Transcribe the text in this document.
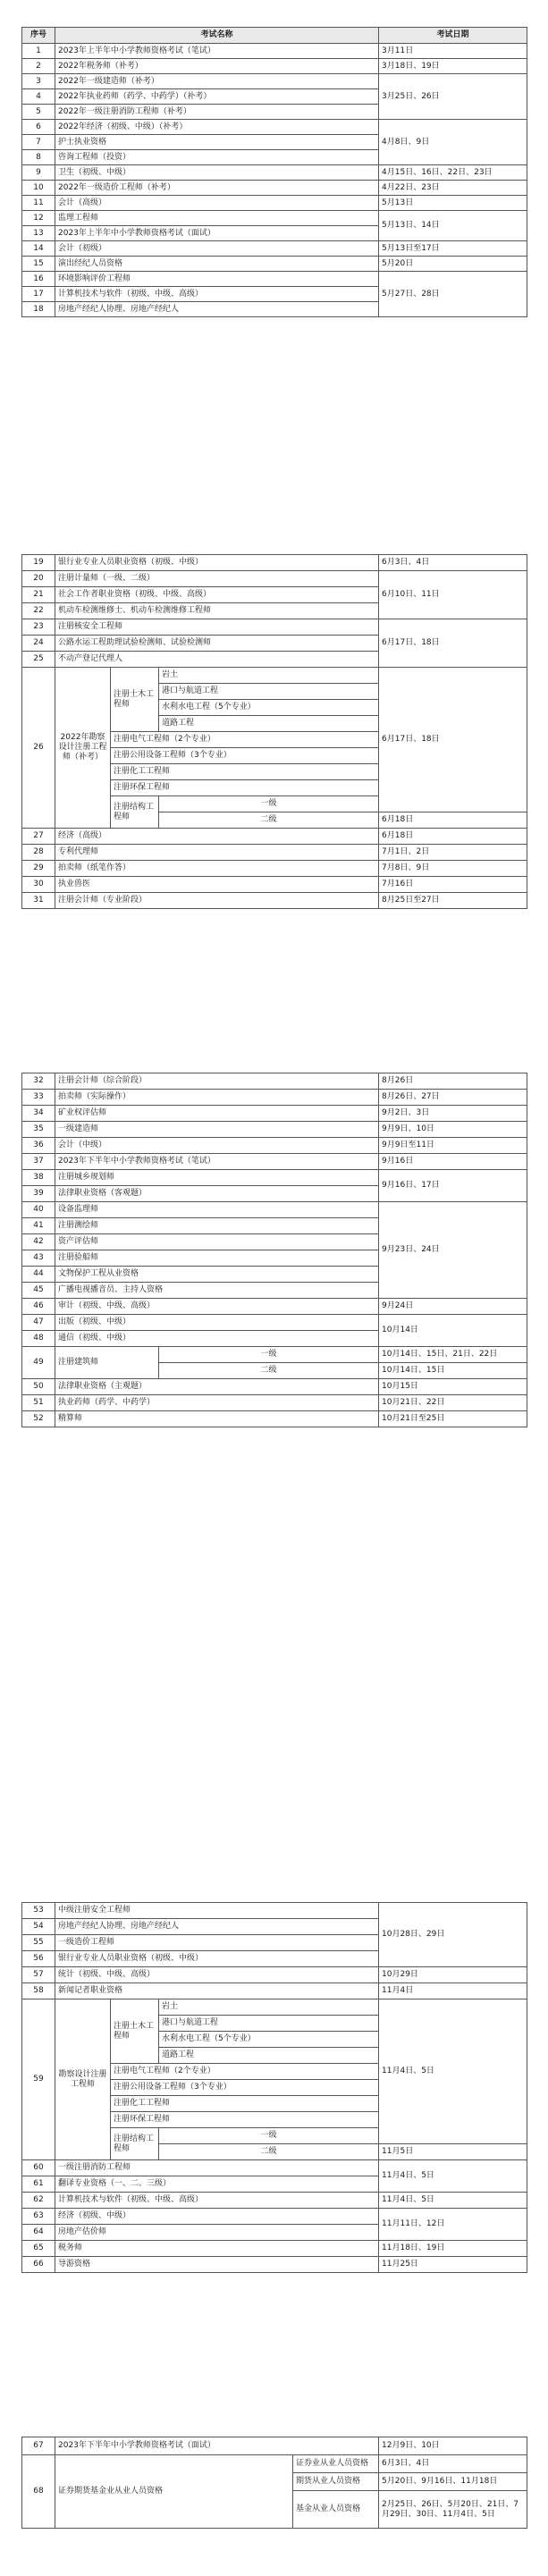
序号	考试名称	考试日期
1	2023年上半年中小学教师资格考试（笔试）	3月11日
2	2022年税务师（补考）	3月18日、19日
3	2022年一级建造师（补考）	3月25日、26日
4	2022年执业药师（药学、中药学）（补考）	
5	2022年一级注册消防工程师（补考）	
6	2022年经济（初级、中级）（补考）	4月8日、9日
7	护士执业资格	
8	咨询工程师（投资）	
9	卫生（初级、中级）	4月15日、16日、22日、23日
10	2022年一级造价工程师（补考）	4月22日、23日
11	会计（高级）	5月13日
12	监理工程师	5月13日、14日
13	2023年上半年中小学教师资格考试（面试）	
14	会计（初级）	5月13日至17日
15	演出经纪人员资格	5月20日
16	环境影响评价工程师	5月27日、28日
17	计算机技术与软件（初级、中级、高级）	
18	房地产经纪人协理、房地产经纪人	
19	银行业专业人员职业资格（初级、中级）			6月3日、4日
20	注册计量师（一级、二级）			6月10日、11日
21	社会工作者职业资格（初级、中级、高级）			
22	机动车检测维修士、机动车检测维修工程师			
23	注册核安全工程师			6月17日、18日
24	公路水运工程助理试验检测师、试验检测师			
25	不动产登记代理人			
26	2022年勘察设计注册工程师（补考）	注册土木工程师	岩土	6月17日、18日
			港口与航道工程	
			水利水电工程（5个专业）	
			道路工程	
		注册电气工程师（2个专业）		
		注册公用设备工程师（3个专业）		
		注册化工工程师		
		注册环保工程师		
		注册结构工程师	一级	
			二级	6月18日
27	经济（高级）			6月18日
28	专利代理师			7月1日、2日
29	拍卖师（纸笔作答）			7月8日、9日
30	执业兽医			7月16日
31	注册会计师（专业阶段）			8月25日至27日
32	注册会计师（综合阶段）		8月26日
33	拍卖师（实际操作）		8月26日、27日
34	矿业权评估师		9月2日、3日
35	一级建造师		9月9日、10日
36	会计（中级）		9月9日至11日
37	2023年下半年中小学教师资格考试（笔试）		9月16日
38	注册城乡规划师		9月16日、17日
39	法律职业资格（客观题）		
40	设备监理师		9月23日、24日
41	注册测绘师		
42	资产评估师		
43	注册验船师		
44	文物保护工程从业资格		
45	广播电视播音员、主持人资格		
46	审计（初级、中级、高级）		9月24日
47	出版（初级、中级）		10月14日
48	通信（初级、中级）		
49	注册建筑师	一级	10月14日、15日、21日、22日
		二级	10月14日、15日
50	法律职业资格（主观题）		10月15日
51	执业药师（药学、中药学）		10月21日、22日
52	精算师		10月21日至25日
53	中级注册安全工程师			10月28日、29日
54	房地产经纪人协理、房地产经纪人			
55	一级造价工程师			
56	银行业专业人员职业资格（初级、中级）			
57	统计（初级、中级、高级）			10月29日
58	新闻记者职业资格			11月4日
59	勘察设计注册工程师	注册土木工程师	岩土	11月4日、5日
			港口与航道工程	
			水利水电工程（5个专业）	
			道路工程	
		注册电气工程师（2个专业）		
		注册公用设备工程师（3个专业）		
		注册化工工程师		
		注册环保工程师		
		注册结构工程师	一级	
			二级	11月5日
60	一级注册消防工程师			11月4日、5日
61	翻译专业资格（一、二、三级）			
62	计算机技术与软件（初级、中级、高级）			11月4日、5日
63	经济（初级、中级）			11月11日、12日
64	房地产估价师			
65	税务师			11月18日、19日
66	导游资格			11月25日
67	2023年下半年中小学教师资格考试（面试）		12月9日、10日
68	证券期货基金业从业人员资格	证券业从业人员资格	6月3日、4日
		期货从业人员资格	5月20日、9月16日、11月18日
		基金从业人员资格	2月25日、26日、5月20日、21日、7月29日、30日、11月4日、5日
